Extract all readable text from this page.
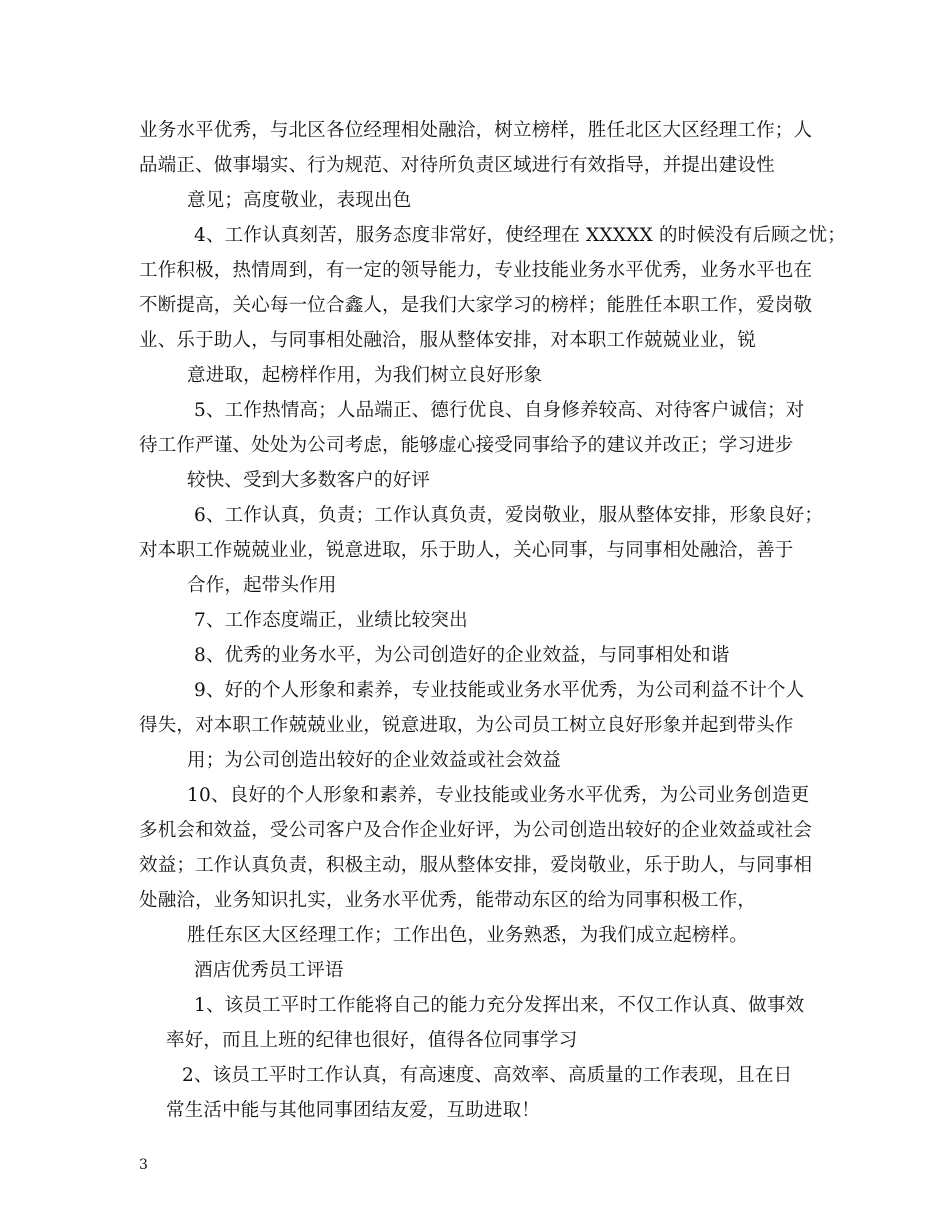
业务水平优秀，与北区各位经理相处融洽，树立榜样，胜任北区大区经理工作；人
品端正、做事塌实、行为规范、对待所负责区域进行有效指导，并提出建设性
意见；高度敬业，表现出色
4、工作认真刻苦，服务态度非常好，使经理在 XXXXX 的时候没有后顾之忧；
工作积极，热情周到，有一定的领导能力，专业技能业务水平优秀，业务水平也在
不断提高，关心每一位合鑫人，是我们大家学习的榜样；能胜任本职工作，爱岗敬
业、乐于助人，与同事相处融洽，服从整体安排，对本职工作兢兢业业，锐
意进取，起榜样作用，为我们树立良好形象
5、工作热情高；人品端正、德行优良、自身修养较高、对待客户诚信；对
待工作严谨、处处为公司考虑，能够虚心接受同事给予的建议并改正；学习进步
较快、受到大多数客户的好评
6、工作认真，负责；工作认真负责，爱岗敬业，服从整体安排，形象良好；
对本职工作兢兢业业，锐意进取，乐于助人，关心同事，与同事相处融洽，善于
合作，起带头作用
7、工作态度端正，业绩比较突出
8、优秀的业务水平，为公司创造好的企业效益，与同事相处和谐
9、好的个人形象和素养，专业技能或业务水平优秀，为公司利益不计个人
得失，对本职工作兢兢业业，锐意进取，为公司员工树立良好形象并起到带头作
用；为公司创造出较好的企业效益或社会效益
10、良好的个人形象和素养，专业技能或业务水平优秀，为公司业务创造更
多机会和效益，受公司客户及合作企业好评，为公司创造出较好的企业效益或社会
效益；工作认真负责，积极主动，服从整体安排，爱岗敬业，乐于助人，与同事相
处融洽，业务知识扎实，业务水平优秀，能带动东区的给为同事积极工作，
胜任东区大区经理工作；工作出色，业务熟悉，为我们成立起榜样。
酒店优秀员工评语
1、该员工平时工作能将自己的能力充分发挥出来，不仅工作认真、做事效
率好，而且上班的纪律也很好，值得各位同事学习
2、该员工平时工作认真，有高速度、高效率、高质量的工作表现，且在日
常生活中能与其他同事团结友爱，互助进取！
3
